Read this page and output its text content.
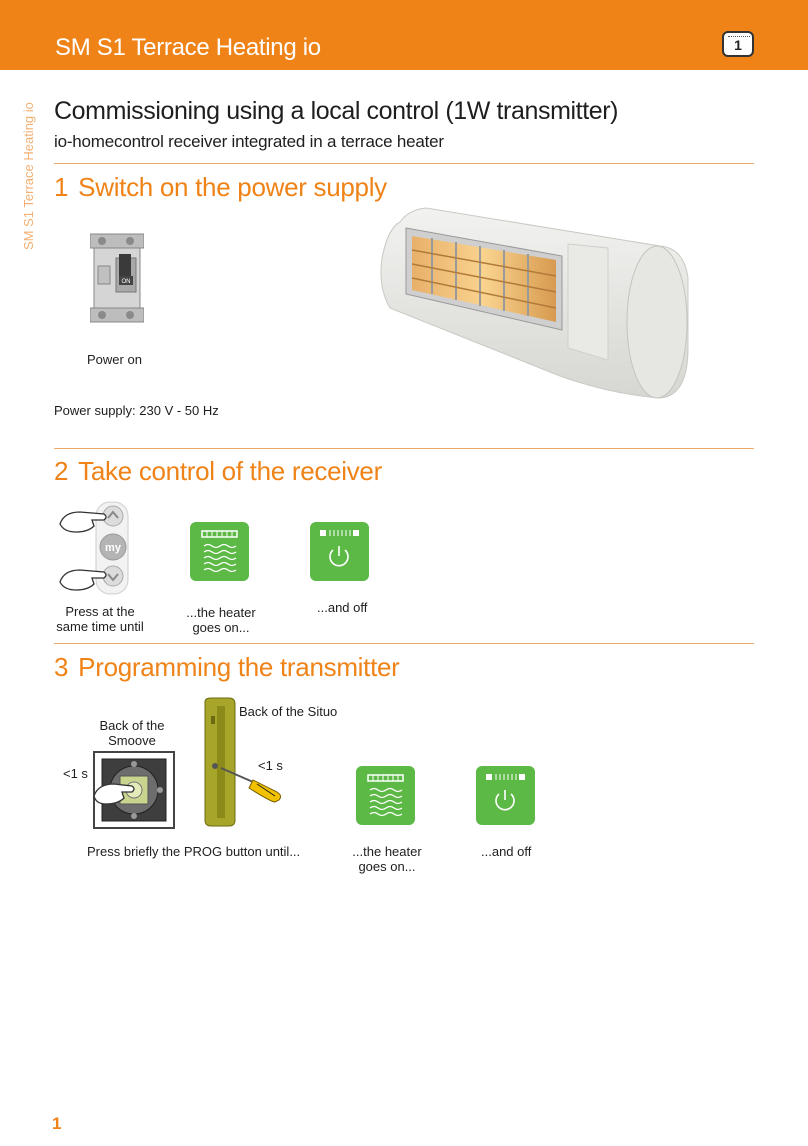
SM S1 Terrace Heating io	1
SM S1 Terrace Heating io Commissioning using a local control (1W transmitter)
io-homecontrol receiver integrated in a terrace heater
1 Switch on the power supply
ON
Power on
Power supply: 230 V - 50 Hz
2 Take control of the receiver
my
Press at the
same time until
...the heater
goes on...
...and off
3 Programming the transmitter
Back of the
Smoove
<1 s
Back of the Situo
<1 s
Press briefly the PROG button until...	...the heater
goes on...
...and off
1
